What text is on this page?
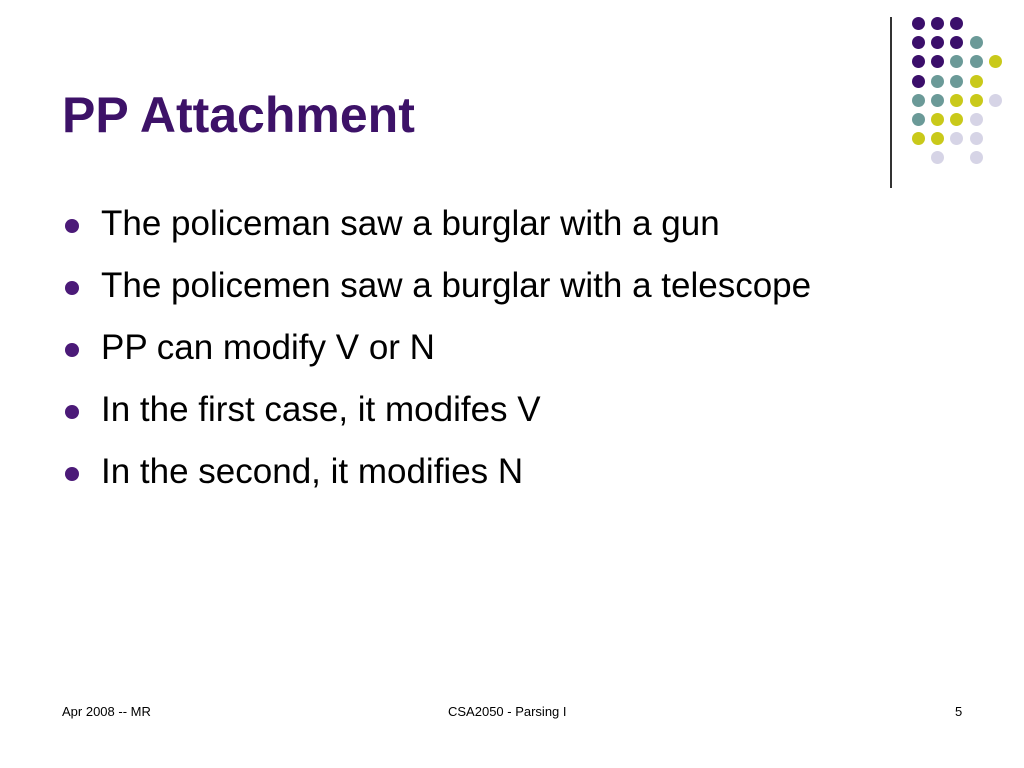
PP Attachment
The policeman saw a burglar with a gun
The policemen saw a burglar with a telescope
PP can modify V or N
In the first case, it modifes V
In the second, it modifies N
Apr 2008 -- MR	CSA2050 - Parsing I	5
